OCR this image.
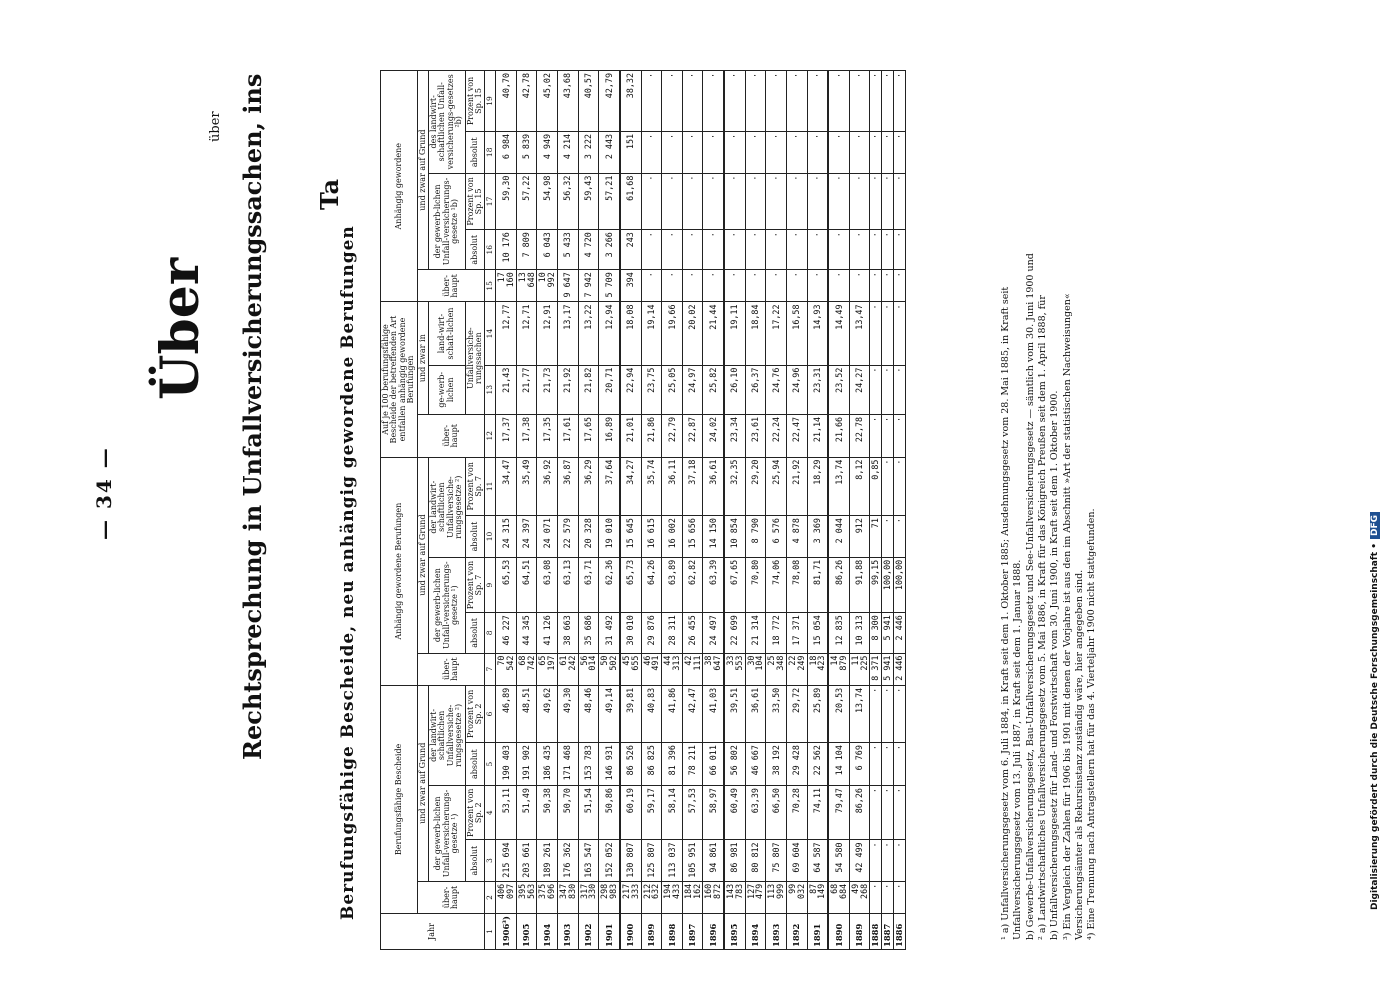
— 34 —
Über
über Rechtsprechung in Unfallversicherungssachen, ins Ta
Berufungsfähige Bescheide, neu anhängig gewordene Berufungen
Jahr	Berufungsfähige Bescheide					Anhängig gewordene Berufungen					Auf je 100 berufungsfähige Bescheide der betreffenden Art entfallen anhängig gewordene Berufungen			Anhängig gewordene				
	über-haupt	und zwar auf Grund				über-haupt	und zwar auf Grund				über-haupt	und zwar in		über-haupt	und zwar auf Grund			
		der gewerb-lichen Unfall-versicherungs-gesetze ¹)		der landwirt-schaftlichen Unfallversiche-rungsgesetze ²)			der gewerb-lichen Unfall-versicherungs-gesetze ¹)		der landwirt-schaftlichen Unfallversiche-rungsgesetze ²)			ge-werb-lichen	land-wirt-schaft-lichen		der gewerb-lichen Unfall-versicherungs-gesetze ¹b)		des landwirt-schaftlichen Unfall-versicherungs-gesetzes ²b)	
		absolut	Prozent von Sp. 2	absolut	Prozent von Sp. 2		absolut	Prozent von Sp. 7	absolut	Prozent von Sp. 7		Unfallversiche-rungssachen			absolut	Prozent von Sp. 15	absolut	Prozent von Sp. 15
1	2	3	4	5	6	7	8	9	10	11	12	13	14	15	16	17	18	19
1906³)	406 097	215 694	53,11	190 403	46,89	70 542	46 227	65,53	24 315	34,47	17,37	21,43	12,77	17 160	10 176	59,30	6 984	40,70
1905	395 563	203 661	51,49	191 902	48,51	68 742	44 345	64,51	24 397	35,49	17,38	21,77	12,71	13 648	7 809	57,22	5 839	42,78
1904	375 696	189 261	50,38	186 435	49,62	65 197	41 126	63,08	24 071	36,92	17,35	21,73	12,91	10 992	6 043	54,98	4 949	45,02
1903	347 830	176 362	50,70	171 468	49,30	61 242	38 663	63,13	22 579	36,87	17,61	21,92	13,17	9 647	5 433	56,32	4 214	43,68
1902	317 330	163 547	51,54	153 783	48,46	56 014	35 686	63,71	20 328	36,29	17,65	21,82	13,22	7 942	4 720	59,43	3 222	40,57
1901	298 983	152 052	50,86	146 931	49,14	50 502	31 492	62,36	19 010	37,64	16,89	20,71	12,94	5 709	3 266	57,21	2 443	42,79
1900	217 333	130 807	60,19	86 526	39,81	45 655	30 010	65,73	15 645	34,27	21,01	22,94	18,08	394	243	61,68	151	38,32
1899	212 632	125 807	59,17	86 825	40,83	46 491	29 876	64,26	16 615	35,74	21,86	23,75	19,14	·	·	·	·	·
1898	194 433	113 037	58,14	81 396	41,86	44 313	28 311	63,89	16 002	36,11	22,79	25,05	19,66	·	·	·	·	·
1897	184 162	105 951	57,53	78 211	42,47	42 111	26 455	62,82	15 656	37,18	22,87	24,97	20,02	·	·	·	·	·
1896	160 872	94 861	58,97	66 011	41,03	38 647	24 497	63,39	14 150	36,61	24,02	25,82	21,44	·	·	·	·	·
1895	143 783	86 981	60,49	56 802	39,51	33 553	22 699	67,65	10 854	32,35	23,34	26,10	19,11	·	·	·	·	·
1894	127 479	80 812	63,39	46 667	36,61	30 104	21 314	70,80	8 790	29,20	23,61	26,37	18,84	·	·	·	·	·
1893	113 999	75 807	66,50	38 192	33,50	25 348	18 772	74,06	6 576	25,94	22,24	24,76	17,22	·	·	·	·	·
1892	99 032	69 604	70,28	29 428	29,72	22 249	17 371	78,08	4 878	21,92	22,47	24,96	16,58	·	·	·	·	·
1891	87 149	64 587	74,11	22 562	25,89	18 423	15 054	81,71	3 369	18,29	21,14	23,31	14,93	·	·	·	·	·
1890	68 684	54 580	79,47	14 104	20,53	14 879	12 835	86,26	2 044	13,74	21,66	23,52	14,49	·	·	·	·	·
1889	49 268	42 499	86,26	6 769	13,74	11 225	10 313	91,88	912	8,12	22,78	24,27	13,47	·	·	·	·	·
1888	·	·	·	·	·	8 371	8 300	99,15	71	0,85	·	·	·	·	·	·	·	·
1887	·	·	·	·	·	5 941	5 941	100,00	·	·	·	·	·	·	·	·	·	·
1886	·	·	·	·	·	2 446	2 446	100,00	·	·	·	·	·	·	·	·	·	·
¹ a) Unfallversicherungsgesetz vom 6. Juli 1884, in Kraft seit dem 1. Oktober 1885; Ausdehnungsgesetz vom 28. Mai 1885, in Kraft seit Unfallversicherungsgesetz vom 13. Juli 1887, in Kraft seit dem 1. Januar 1888. b) Gewerbe-Unfallversicherungsgesetz, Bau-Unfallversicherungsgesetz und See-Unfallversicherungsgesetz — sämtlich vom 30. Juni 1900 und ² a) Landwirtschaftliches Unfallversicherungsgesetz vom 5. Mai 1886, in Kraft für das Königreich Preußen seit dem 1. April 1888, für b) Unfallversicherungsgesetz für Land- und Forstwirtschaft vom 30. Juni 1900, in Kraft seit dem 1. Oktober 1900. ³) Ein Vergleich der Zahlen für 1906 bis 1901 mit denen der Vorjahre ist aus den im Abschnitt »Art der statistischen Nachweisungen« Versicherungsämter als Rekursinstanz zuständig wäre, hier angegeben sind. ⁴) Eine Trennung nach Antragstellern hat für das 4. Vierteljahr 1900 nicht stattgefunden.	Digitalisierung gefördert durch die Deutsche Forschungsgemeinschaft •DFG
